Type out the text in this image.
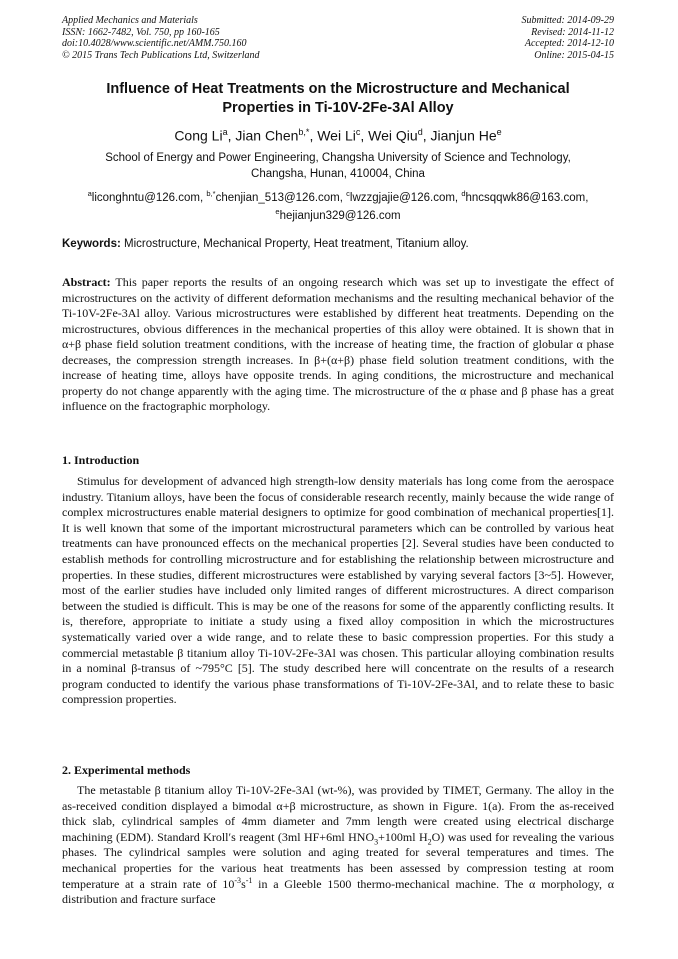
Applied Mechanics and Materials
ISSN: 1662-7482, Vol. 750, pp 160-165
doi:10.4028/www.scientific.net/AMM.750.160
© 2015 Trans Tech Publications Ltd, Switzerland
Submitted: 2014-09-29
Revised: 2014-11-12
Accepted: 2014-12-10
Online: 2015-04-15
Influence of Heat Treatments on the Microstructure and Mechanical
Properties in Ti-10V-2Fe-3Al Alloy
Cong Li$^a$, Jian Chen$^{b,*}$, Wei Li$^c$, Wei Qiu$^d$, Jianjun He$^e$
School of Energy and Power Engineering, Changsha University of Science and Technology,
Changsha, Hunan, 410004, China
$^a$liconghntu@126.com, $^{b,*}$chenjian_513@126.com, $^c$lwzzgjajie@126.com, $^d$hncsqqwk86@163.com,
$^e$hejianjun329@126.com
Keywords: Microstructure, Mechanical Property, Heat treatment, Titanium alloy.
Abstract: This paper reports the results of an ongoing research which was set up to investigate the effect of microstructures on the activity of different deformation mechanisms and the resulting mechanical behavior of the Ti-10V-2Fe-3Al alloy. Various microstructures were established by different heat treatments. Depending on the microstructures, obvious differences in the mechanical properties of this alloy were obtained. It is shown that in α+β phase field solution treatment conditions, with the increase of heating time, the fraction of globular α phase decreases, the compression strength increases. In β+(α+β) phase field solution treatment conditions, with the increase of heating time, alloys have opposite trends. In aging conditions, the microstructure and mechanical property do not change apparently with the aging time. The microstructure of the α phase and β phase has a great influence on the fractographic morphology.
1. Introduction
Stimulus for development of advanced high strength-low density materials has long come from the aerospace industry. Titanium alloys, have been the focus of considerable research recently, mainly because the wide range of complex microstructures enable material designers to optimize for good combination of mechanical properties[1]. It is well known that some of the important microstructural parameters which can be controlled by various heat treatments can have pronounced effects on the mechanical properties [2]. Several studies have been conducted to establish methods for controlling microstructure and for establishing the relationship between microstructure and properties. In these studies, different microstructures were established by varying several factors [3~5]. However, most of the earlier studies have included only limited ranges of different microstructures. A direct comparison between the studied is difficult. This is may be one of the reasons for some of the apparently conflicting results. It is, therefore, appropriate to initiate a study using a fixed alloy composition in which the microstructures systematically varied over a wide range, and to relate these to basic compression properties. For this study a commercial metastable β titanium alloy Ti-10V-2Fe-3Al was chosen. This particular alloying combination results in a nominal β-transus of ~795°C [5]. The study described here will concentrate on the results of a research program conducted to identify the various phase transformations of Ti-10V-2Fe-3Al, and to relate these to basic compression properties.
2. Experimental methods
The metastable β titanium alloy Ti-10V-2Fe-3Al (wt-%), was provided by TIMET, Germany. The alloy in the as-received condition displayed a bimodal α+β microstructure, as shown in Figure. 1(a). From the as-received thick slab, cylindrical samples of 4mm diameter and 7mm length were created using electrical discharge machining (EDM). Standard Kroll′s reagent (3ml HF+6ml $HNO_3+100ml$ $H_2O$) was used for revealing the various phases. The cylindrical samples were solution and aging treated for several temperatures and times. The mechanical properties for the various heat treatments has been assessed by compression testing at room temperature at a strain rate of $10^{-3}s^{-1}$ in a Gleeble 1500 thermo-mechanical machine. The α morphology, α distribution and fracture surface
